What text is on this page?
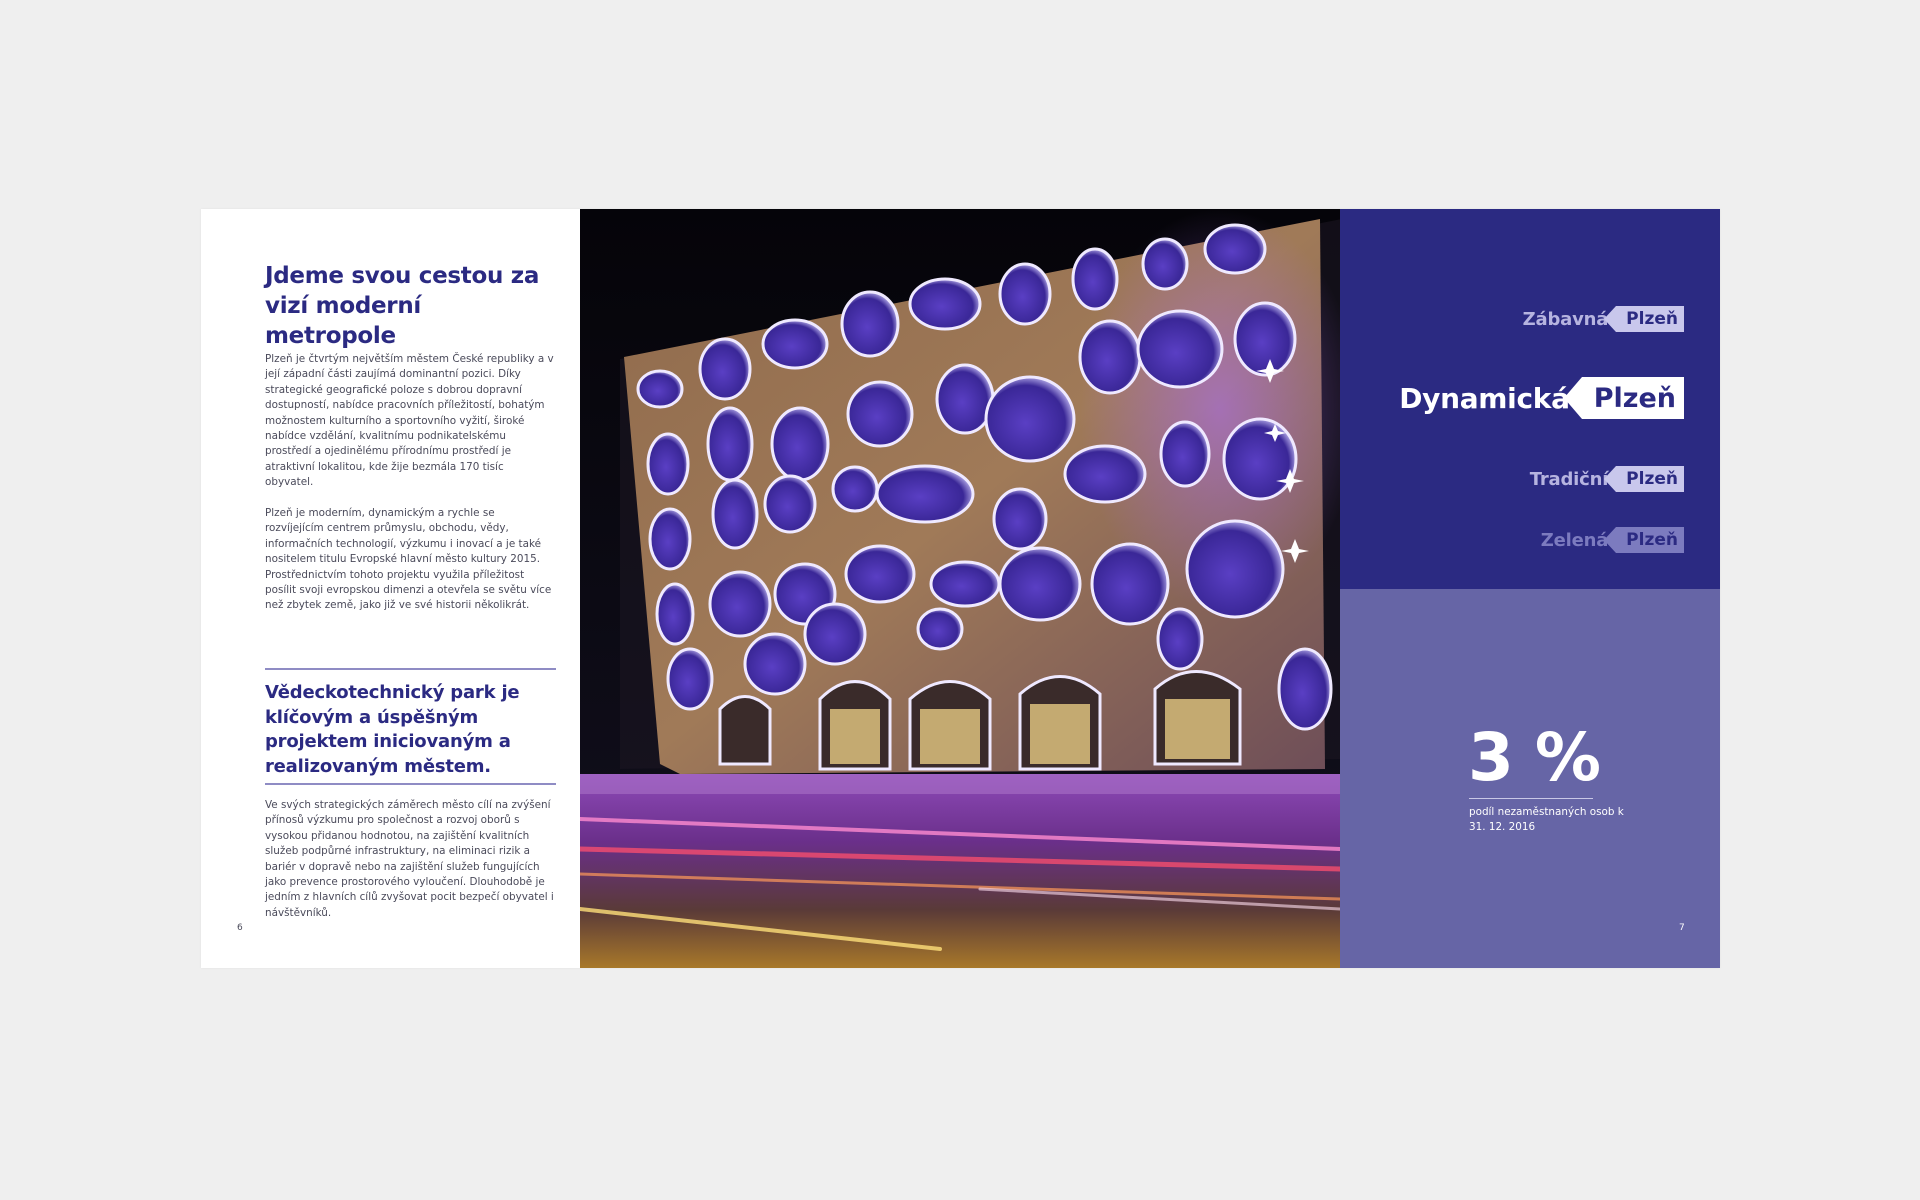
Jdeme svou cestou za vizí moderní metropole
Plzeň je čtvrtým největším městem České republiky a v její západní části zaujímá dominantní pozici. Díky strategické geografické poloze s dobrou dopravní dostupností, nabídce pracovních příležitostí, bohatým možnostem kulturního a sportovního vyžití, široké nabídce vzdělání, kvalitnímu podnikatelskému prostředí a ojedinělému přírodnímu prostředí je atraktivní lokalitou, kde žije bezmála 170 tisíc obyvatel.
Plzeň je moderním, dynamickým a rychle se rozvíjejícím centrem průmyslu, obchodu, vědy, informačních technologií, výzkumu i inovací a je také nositelem titulu Evropské hlavní město kultury 2015. Prostřednictvím tohoto projektu využila příležitost posílit svoji evropskou dimenzi a otevřela se světu více než zbytek země, jako již ve své historii několikrát.
Vědeckotechnický park je klíčovým a úspěšným projektem iniciovaným a realizovaným městem.
Ve svých strategických záměrech město cílí na zvýšení přínosů výzkumu pro společnost a rozvoj oborů s vysokou přidanou hodnotou, na zajištění kvalitních služeb podpůrné infrastruktury, na eliminaci rizik a bariér v dopravě nebo na zajištění služeb fungujících jako prevence prostorového vyloučení. Dlouhodobě je jedním z hlavních cílů zvyšovat pocit bezpečí obyvatel i návštěvníků.
6
Zábavná	Plzeň
Dynamická Plzeň
Tradiční	Plzeň
Zelená	Plzeň
3 %
podíl nezaměstnaných osob k 31. 12. 2016
7
